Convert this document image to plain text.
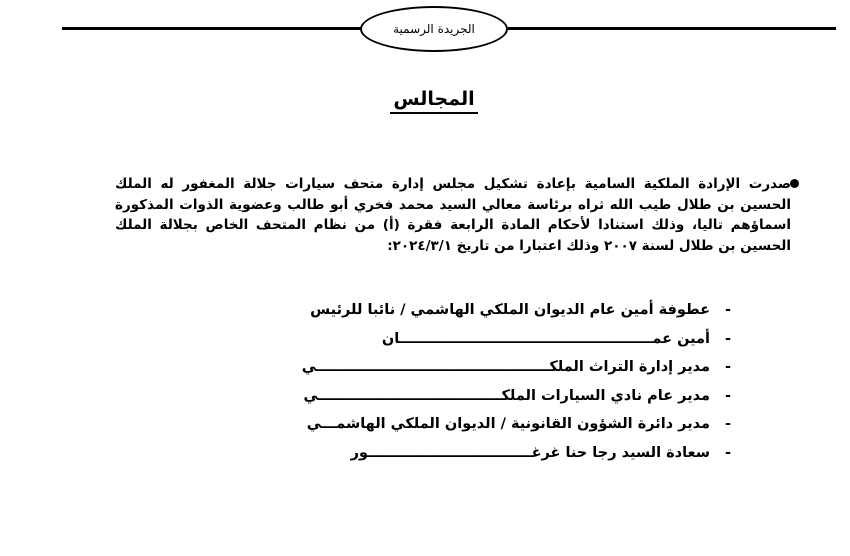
الجريدة الرسمية
المجالس
صدرت الإرادة الملكية السامية بإعادة تشكيل مجلس إدارة متحف سيارات جلالة المغفور له الملك الحسين بن طلال طيب الله ثراه برئاسة معالي السيد محمد فخري أبو طالب وعضوية الذوات المذكورة اسماؤهم تاليا، وذلك استنادا لأحكام المادة الرابعة فقرة (أ) من نظام المتحف الخاص بجلالة الملك الحسين بن طلال لسنة ٢٠٠٧ وذلك اعتبارا من تاريخ ٢٠٢٤/٣/١:
-
عطوفة أمين عام الديوان الملكي الهاشمي / نائبا للرئيس
-
أمين عمـــــــــــــــــــــــــــــــــــــــــــــــــــان
-
مدير إدارة التراث الملكـــــــــــــــــــــــــــــــــــــــــــــــي
-
مدير عام نادي السيارات الملكـــــــــــــــــــــــــــــــــــــي
-
مدير دائرة الشؤون القانونية / الديوان الملكي الهاشمـــي
-
سعادة السيد رجا حنا غرغـــــــــــــــــــــــــــــــــور
